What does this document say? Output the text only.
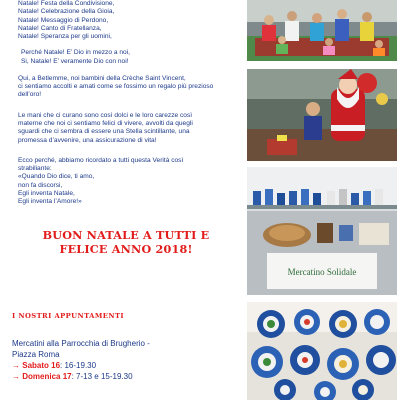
Natale! Festa della Condivisione,

Natale! Celebrazione della Gioia,

Natale! Messaggio di Perdono,

Natale! Canto di Fratellanza,

Natale! Speranza per gli uomini,

Perché Natale! E’ Dio in mezzo a noi,

Si, Natale! E’ veramente Dio con noi!

Qui, a Betlemme, noi bambini della Crèche Saint Vincent,

ci sentiamo accolti e amati come se fossimo un regalo più prezioso

dell’oro!

Le mani che ci curano sono così dolci e le loro carezze così

materne che noi ci sentiamo felici di vivere, avvolti da quegli

sguardi che ci sembra di essere una Stella scintillante, una

promessa d’avvenire, una assicurazione di vita!

Ecco perché, abbiamo ricordato a tutti questa Verità così

strabiliante:

«Quando Dio dice, ti amo,

non fa discorsi,

Egli inventa Natale,

Egli inventa l’Amore!»

BUON NATALE A TUTTI E
FELICE ANNO 2018!
I NOSTRI APPUNTAMENTI
Mercatini alla Parrocchia di Brugherio -
Piazza Roma
→ Sabato 16: 16-19.30
→ Domenica 17: 7-13 e 15-19.30
Mercatino Solidale
